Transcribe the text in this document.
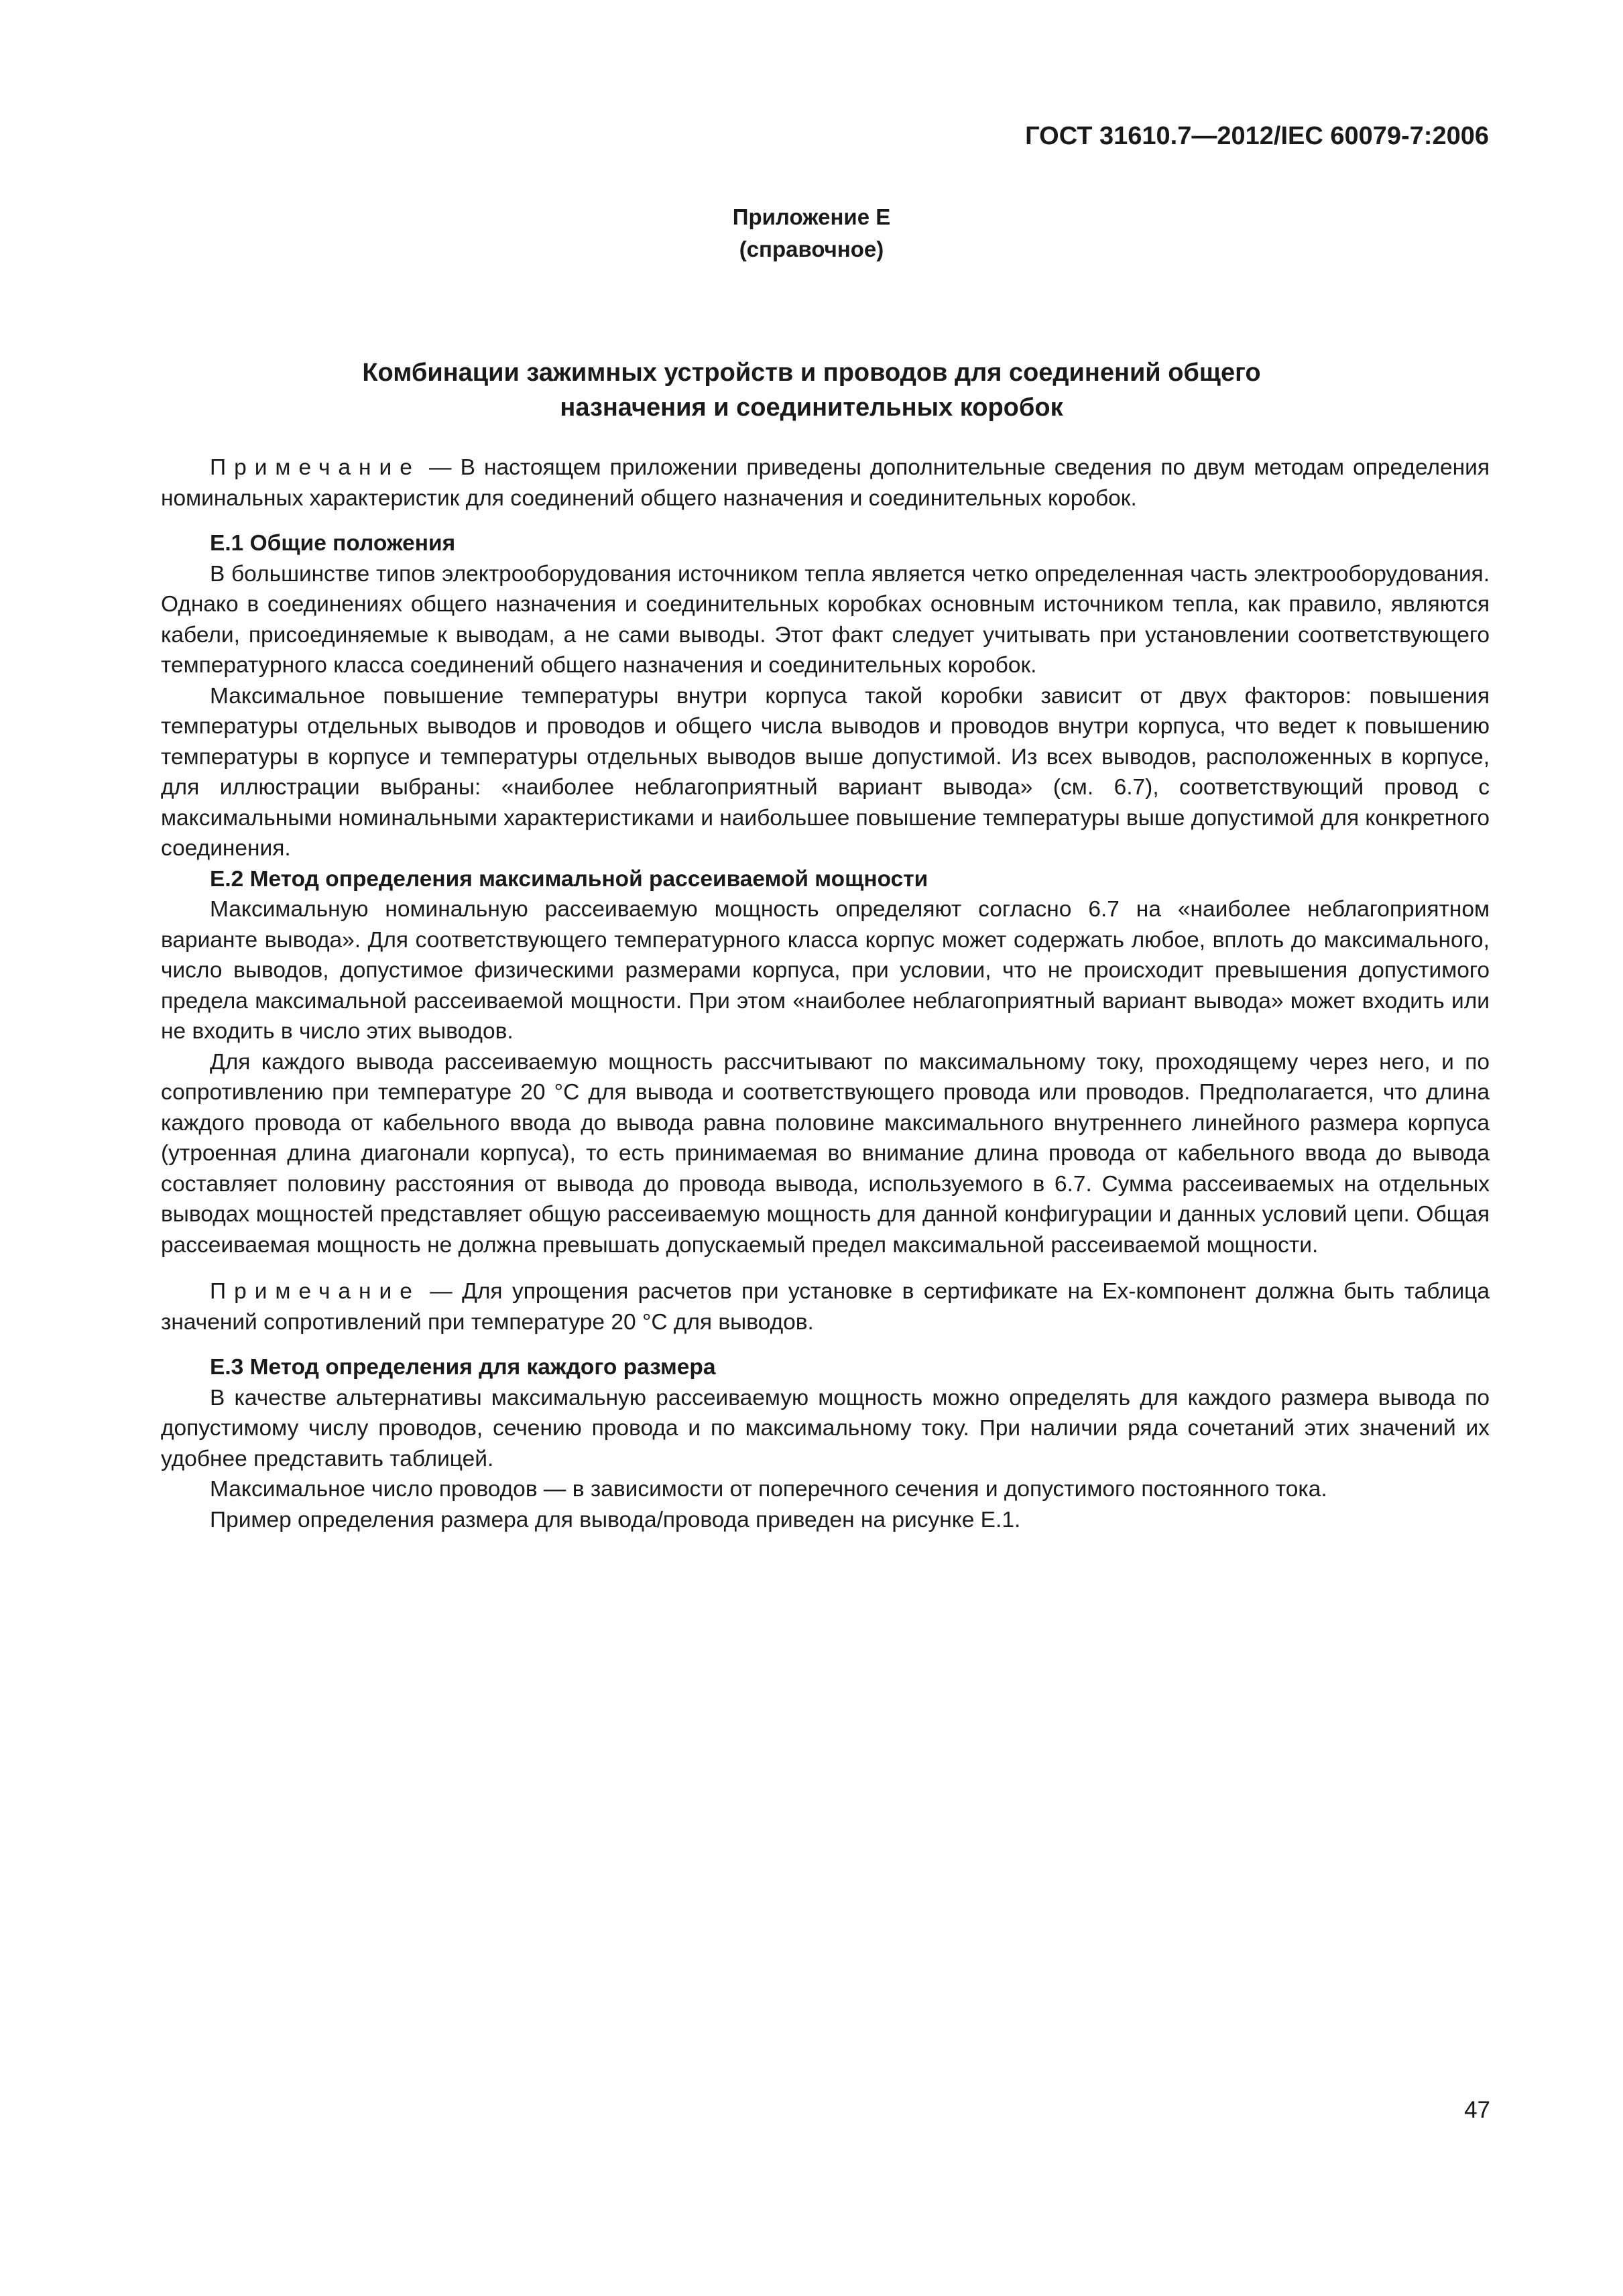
ГОСТ 31610.7—2012/IEC 60079-7:2006
Приложение Е
(справочное)
Комбинации зажимных устройств и проводов для соединений общего
назначения и соединительных коробок

Примечание — В настоящем приложении приведены дополнительные сведения по двум методам определения номинальных характеристик для соединений общего назначения и соединительных коробок.

Е.1 Общие положения

В большинстве типов электрооборудования источником тепла является четко определенная часть электрооборудования. Однако в соединениях общего назначения и соединительных коробках основным источником тепла, как правило, являются кабели, присоединяемые к выводам, а не сами выводы. Этот факт следует учитывать при установлении соответствующего температурного класса соединений общего назначения и соединительных коробок.

Максимальное повышение температуры внутри корпуса такой коробки зависит от двух факторов: повышения температуры отдельных выводов и проводов и общего числа выводов и проводов внутри корпуса, что ведет к повышению температуры в корпусе и температуры отдельных выводов выше допустимой. Из всех выводов, расположенных в корпусе, для иллюстрации выбраны: «наиболее неблагоприятный вариант вывода» (см. 6.7), соответствующий провод с максимальными номинальными характеристиками и наибольшее повышение температуры выше допустимой для конкретного соединения.

Е.2 Метод определения максимальной рассеиваемой мощности

Максимальную номинальную рассеиваемую мощность определяют согласно 6.7 на «наиболее неблагоприятном варианте вывода». Для соответствующего температурного класса корпус может содержать любое, вплоть до максимального, число выводов, допустимое физическими размерами корпуса, при условии, что не происходит превышения допустимого предела максимальной рассеиваемой мощности. При этом «наиболее неблагоприятный вариант вывода» может входить или не входить в число этих выводов.

Для каждого вывода рассеиваемую мощность рассчитывают по максимальному току, проходящему через него, и по сопротивлению при температуре 20 °С для вывода и соответствующего провода или проводов. Предполагается, что длина каждого провода от кабельного ввода до вывода равна половине максимального внутреннего линейного размера корпуса (утроенная длина диагонали корпуса), то есть принимаемая во внимание длина провода от кабельного ввода до вывода составляет половину расстояния от вывода до провода вывода, используемого в 6.7. Сумма рассеиваемых на отдельных выводах мощностей представляет общую рассеиваемую мощность для данной конфигурации и данных условий цепи. Общая рассеиваемая мощность не должна превышать допускаемый предел максимальной рассеиваемой мощности.

Примечание — Для упрощения расчетов при установке в сертификате на Ex-компонент должна быть таблица значений сопротивлений при температуре 20 °С для выводов.

Е.3 Метод определения для каждого размера

В качестве альтернативы максимальную рассеиваемую мощность можно определять для каждого размера вывода по допустимому числу проводов, сечению провода и по максимальному току. При наличии ряда сочетаний этих значений их удобнее представить таблицей.

Максимальное число проводов — в зависимости от поперечного сечения и допустимого постоянного тока.

Пример определения размера для вывода/провода приведен на рисунке Е.1.

47
